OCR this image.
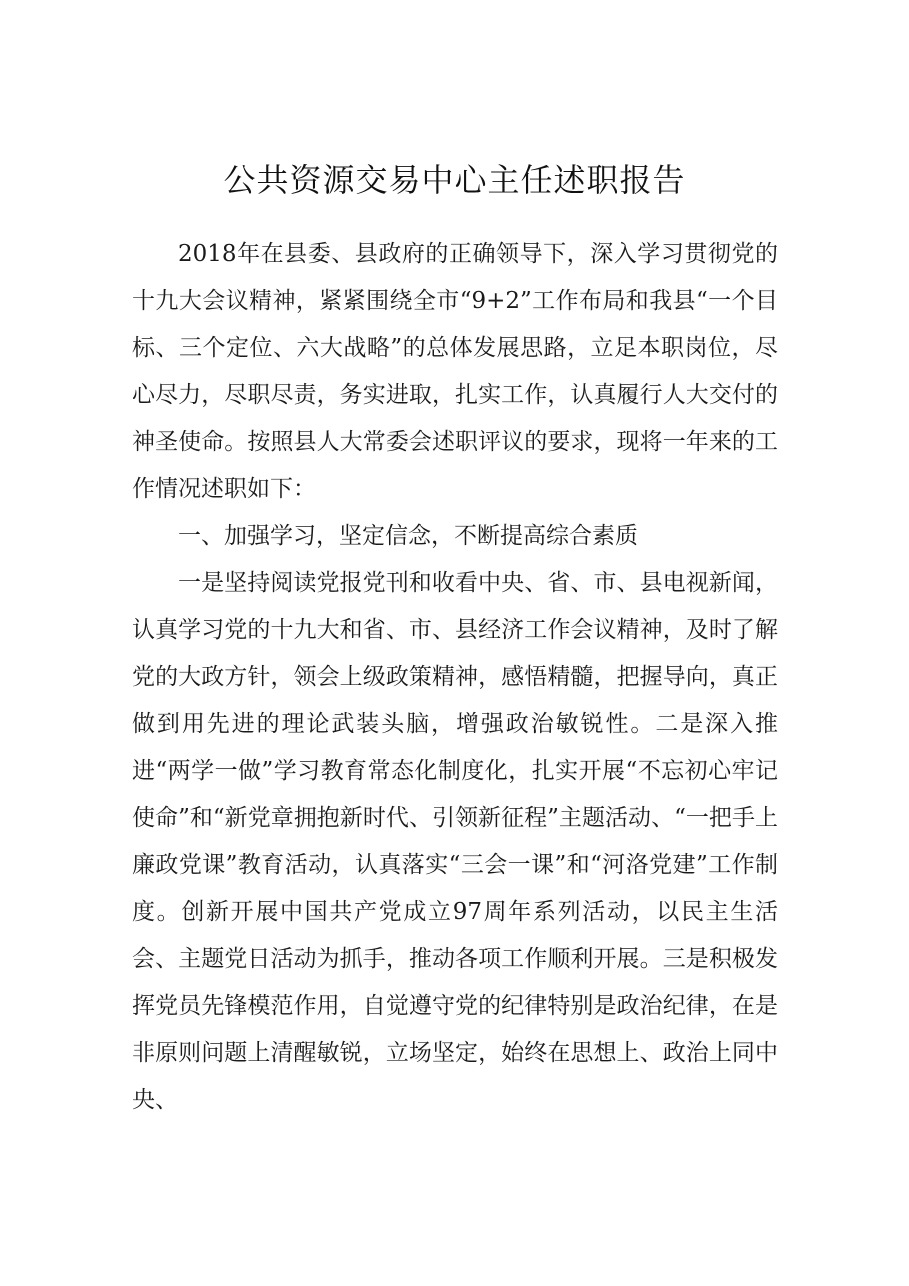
公共资源交易中心主任述职报告

2018年在县委、县政府的正确领导下，深入学习贯彻党的十九大会议精神，紧紧围绕全市“9+2”工作布局和我县“一个目标、三个定位、六大战略”的总体发展思路，立足本职岗位，尽心尽力，尽职尽责，务实进取，扎实工作，认真履行人大交付的神圣使命。按照县人大常委会述职评议的要求，现将一年来的工作情况述职如下：

一、加强学习，坚定信念，不断提高综合素质

一是坚持阅读党报党刊和收看中央、省、市、县电视新闻，认真学习党的十九大和省、市、县经济工作会议精神，及时了解党的大政方针，领会上级政策精神，感悟精髓，把握导向，真正做到用先进的理论武装头脑，增强政治敏锐性。二是深入推进“两学一做”学习教育常态化制度化，扎实开展“不忘初心牢记使命”和“新党章拥抱新时代、引领新征程”主题活动、“一把手上廉政党课”教育活动，认真落实“三会一课”和“河洛党建”工作制度。创新开展中国共产党成立97周年系列活动，以民主生活会、主题党日活动为抓手，推动各项工作顺利开展。三是积极发挥党员先锋模范作用，自觉遵守党的纪律特别是政治纪律，在是非原则问题上清醒敏锐，立场坚定，始终在思想上、政治上同中央、
